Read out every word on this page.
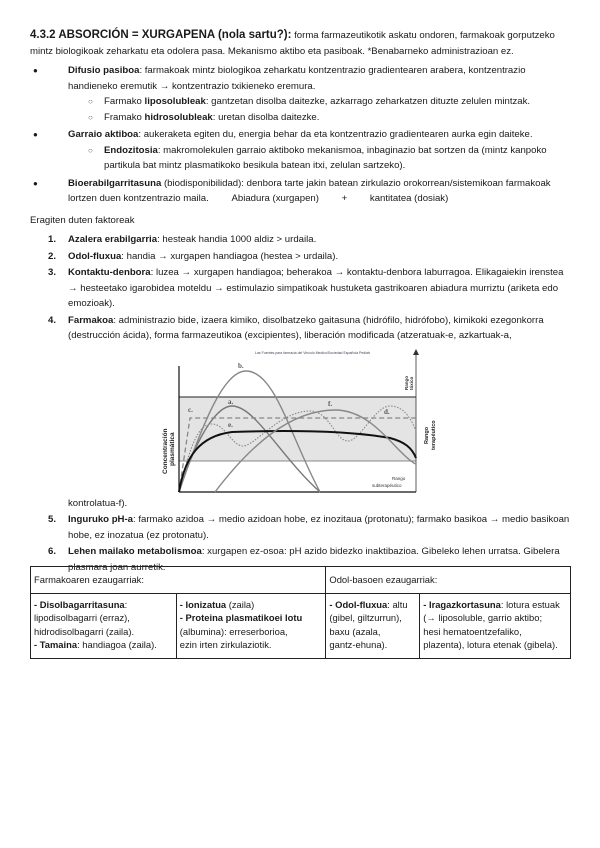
4.3.2 ABSORCIÓN = XURGAPENA (nola sartu?): forma farmazeutikotik askatu ondoren, farmakoak gorputzeko mintz biologikoak zeharkatu eta odolera pasa. Mekanismo aktibo eta pasiboak. *Benabarneko administrazioan ez.

● Difusio pasiboa: farmakoak mintz biologikoa zeharkatu kontzentrazio gradientearen arabera, kontzentrazio handieneko eremutik → kontzentrazio txikieneko eremura.
○ Farmako liposolubleak: gantzetan disolba daitezke, azkarrago zeharkatzen dituzte zelulen mintzak.
○ Framako hidrosolubleak: uretan disolba daitezke.
● Garraio aktiboa: aukeraketa egiten du, energia behar da eta kontzentrazio gradientearen aurka egin daiteke.
○ Endozitosia: makromolekulen garraio aktiboko mekanismoa, inbaginazio bat sortzen da (mintz kanpoko partikula bat mintz plasmatikoko besikula batean itxi, zelulan sartzeko).
● Bioerabilgarritasuna (biodisponibilidad): denbora tarte jakin batean zirkulazio orokorrean/sistemikoan farmakoak lortzen duen kontzentrazio maila. Abiadura (xurgapen) + kantitatea (dosiak)

Eragiten duten faktoreak

1. Azalera erabilgarria: hesteak handia 1000 aldiz > urdaila.
2. Odol-fluxua: handia → xurgapen handiagoa (hestea > urdaila).
3. Kontaktu-denbora: luzea → xurgapen handiagoa; beherakoa → kontaktu-denbora laburragoa. Elikagaiekin irenstea → hesteetako igarobidea moteldu → estimulazio simpatikoak hustuketa gastrikoaren abiadura murriztu (ariketa edo emozioak).
4. Farmakoa: administrazio bide, izaera kimiko, disolbatzeko gaitasuna (hidrófilo, hidrófobo), kimikoki ezegonkorra (destrucción ácida), forma farmazeutikoa (excipientes), liberación modificada (atzeratuak-e, azkartuak-a,
Las Fuentes para farmacia del Vinculo Medico/Sociedad Española Pediatr
a.
b.
c.	d.
e.
f.
Concentración plasmática
Rango tóxico
Rango terapéutico
Rango
subterapéutico
kontrolatua-f).
5. Inguruko pH-a: farmako azidoa → medio azidoan hobe, ez inozitaua (protonatu); farmako basikoa → medio basikoan hobe, ez inozatua (ez protonatu).
6. Lehen mailako metabolismoa: xurgapen ez-osoa: pH azido bidezko inaktibazioa. Gibeleko lehen urratsa. Gibelera plasmara joan aurretik.
Farmakoaren ezaugarriak:		Odol-basoen ezaugarriak:	

- Disolbagarritasuna:
lipodisolbagarri (erraz),
hidrodisolbagarri (zaila).
- Tamaina: handiagoa (zaila).

- Ionizatua (zaila)
- Proteina plasmatikoei lotu
(albumina): erreserborioa,
ezin irten zirkulaziotik.

- Odol-fluxua: altu
(gibel, giltzurrun),
baxu (azala,
gantz-ehuna).

- Iragazkortasuna: lotura estuak
(→ liposoluble, garrio aktibo;
hesi hematoentzefaliko,
plazenta), lotura etenak (gibela).
